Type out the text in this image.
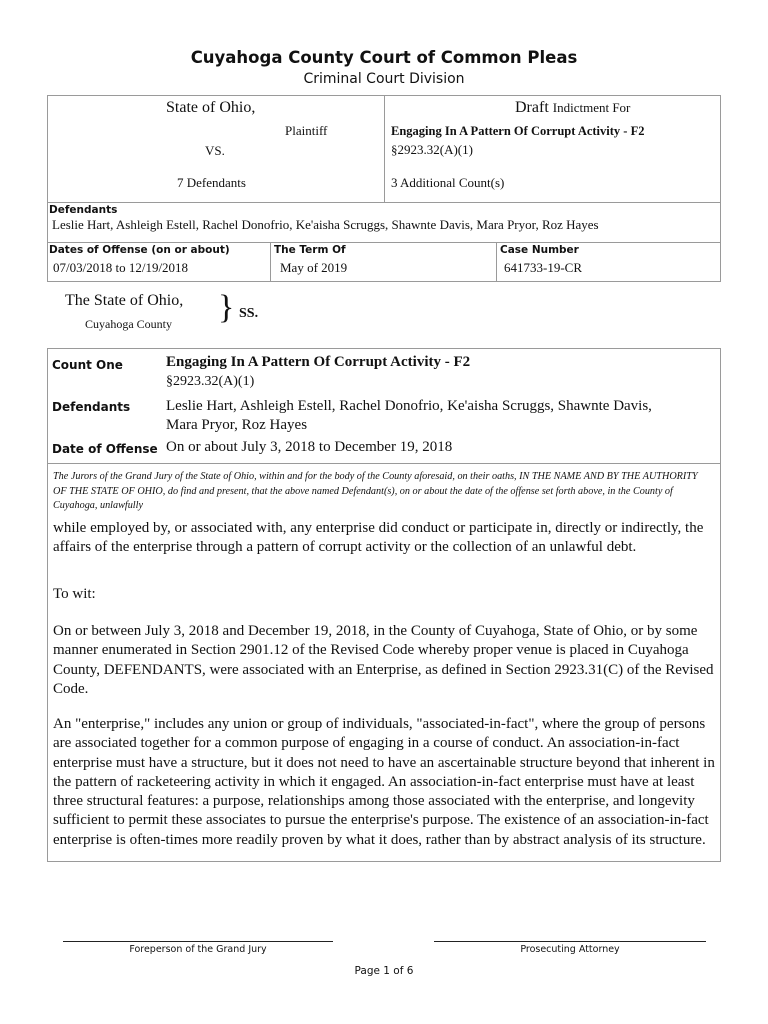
Cuyahoga County Court of Common Pleas
Criminal Court Division
State of Ohio,
Plaintiff
VS.
7 Defendants
Draft Indictment For
Engaging In A Pattern Of Corrupt Activity - F2
§2923.32(A)(1)
3 Additional Count(s)
Defendants
Leslie Hart, Ashleigh Estell, Rachel Donofrio, Ke'aisha Scruggs, Shawnte Davis, Mara Pryor, Roz Hayes
Dates of Offense (on or about)
07/03/2018 to 12/19/2018
The Term Of
May of 2019
Case Number
641733-19-CR
The State of Ohio,
Cuyahoga County } SS.
Count One	Engaging In A Pattern Of Corrupt Activity - F2
§2923.32(A)(1)
Defendants Leslie Hart, Ashleigh Estell, Rachel Donofrio, Ke'aisha Scruggs, Shawnte Davis,
Mara Pryor, Roz Hayes
Date of Offense On or about July 3, 2018 to December 19, 2018
The Jurors of the Grand Jury of the State of Ohio, within and for the body of the County aforesaid, on their oaths, IN THE NAME AND BY THE AUTHORITY OF THE STATE OF OHIO, do find and present, that the above named Defendant(s), on or about the date of the offense set forth above, in the County of Cuyahoga, unlawfully
while employed by, or associated with, any enterprise did conduct or participate in, directly or indirectly, the affairs of the enterprise through a pattern of corrupt activity or the collection of an unlawful debt.
To wit:
On or between July 3, 2018 and December 19, 2018, in the County of Cuyahoga, State of Ohio, or by some manner enumerated in Section 2901.12 of the Revised Code whereby proper venue is placed in Cuyahoga County, DEFENDANTS, were associated with an Enterprise, as defined in Section 2923.31(C) of the Revised Code.
An "enterprise," includes any union or group of individuals, "associated-in-fact", where the group of persons are associated together for a common purpose of engaging in a course of conduct. An association-in-fact enterprise must have a structure, but it does not need to have an ascertainable structure beyond that inherent in the pattern of racketeering activity in which it engaged. An association-in-fact enterprise must have at least three structural features: a purpose, relationships among those associated with the enterprise, and longevity sufficient to permit these associates to pursue the enterprise's purpose. The existence of an association-in-fact enterprise is often-times more readily proven by what it does, rather than by abstract analysis of its structure.
Foreperson of the Grand Jury	Prosecuting Attorney
Page 1 of 6
